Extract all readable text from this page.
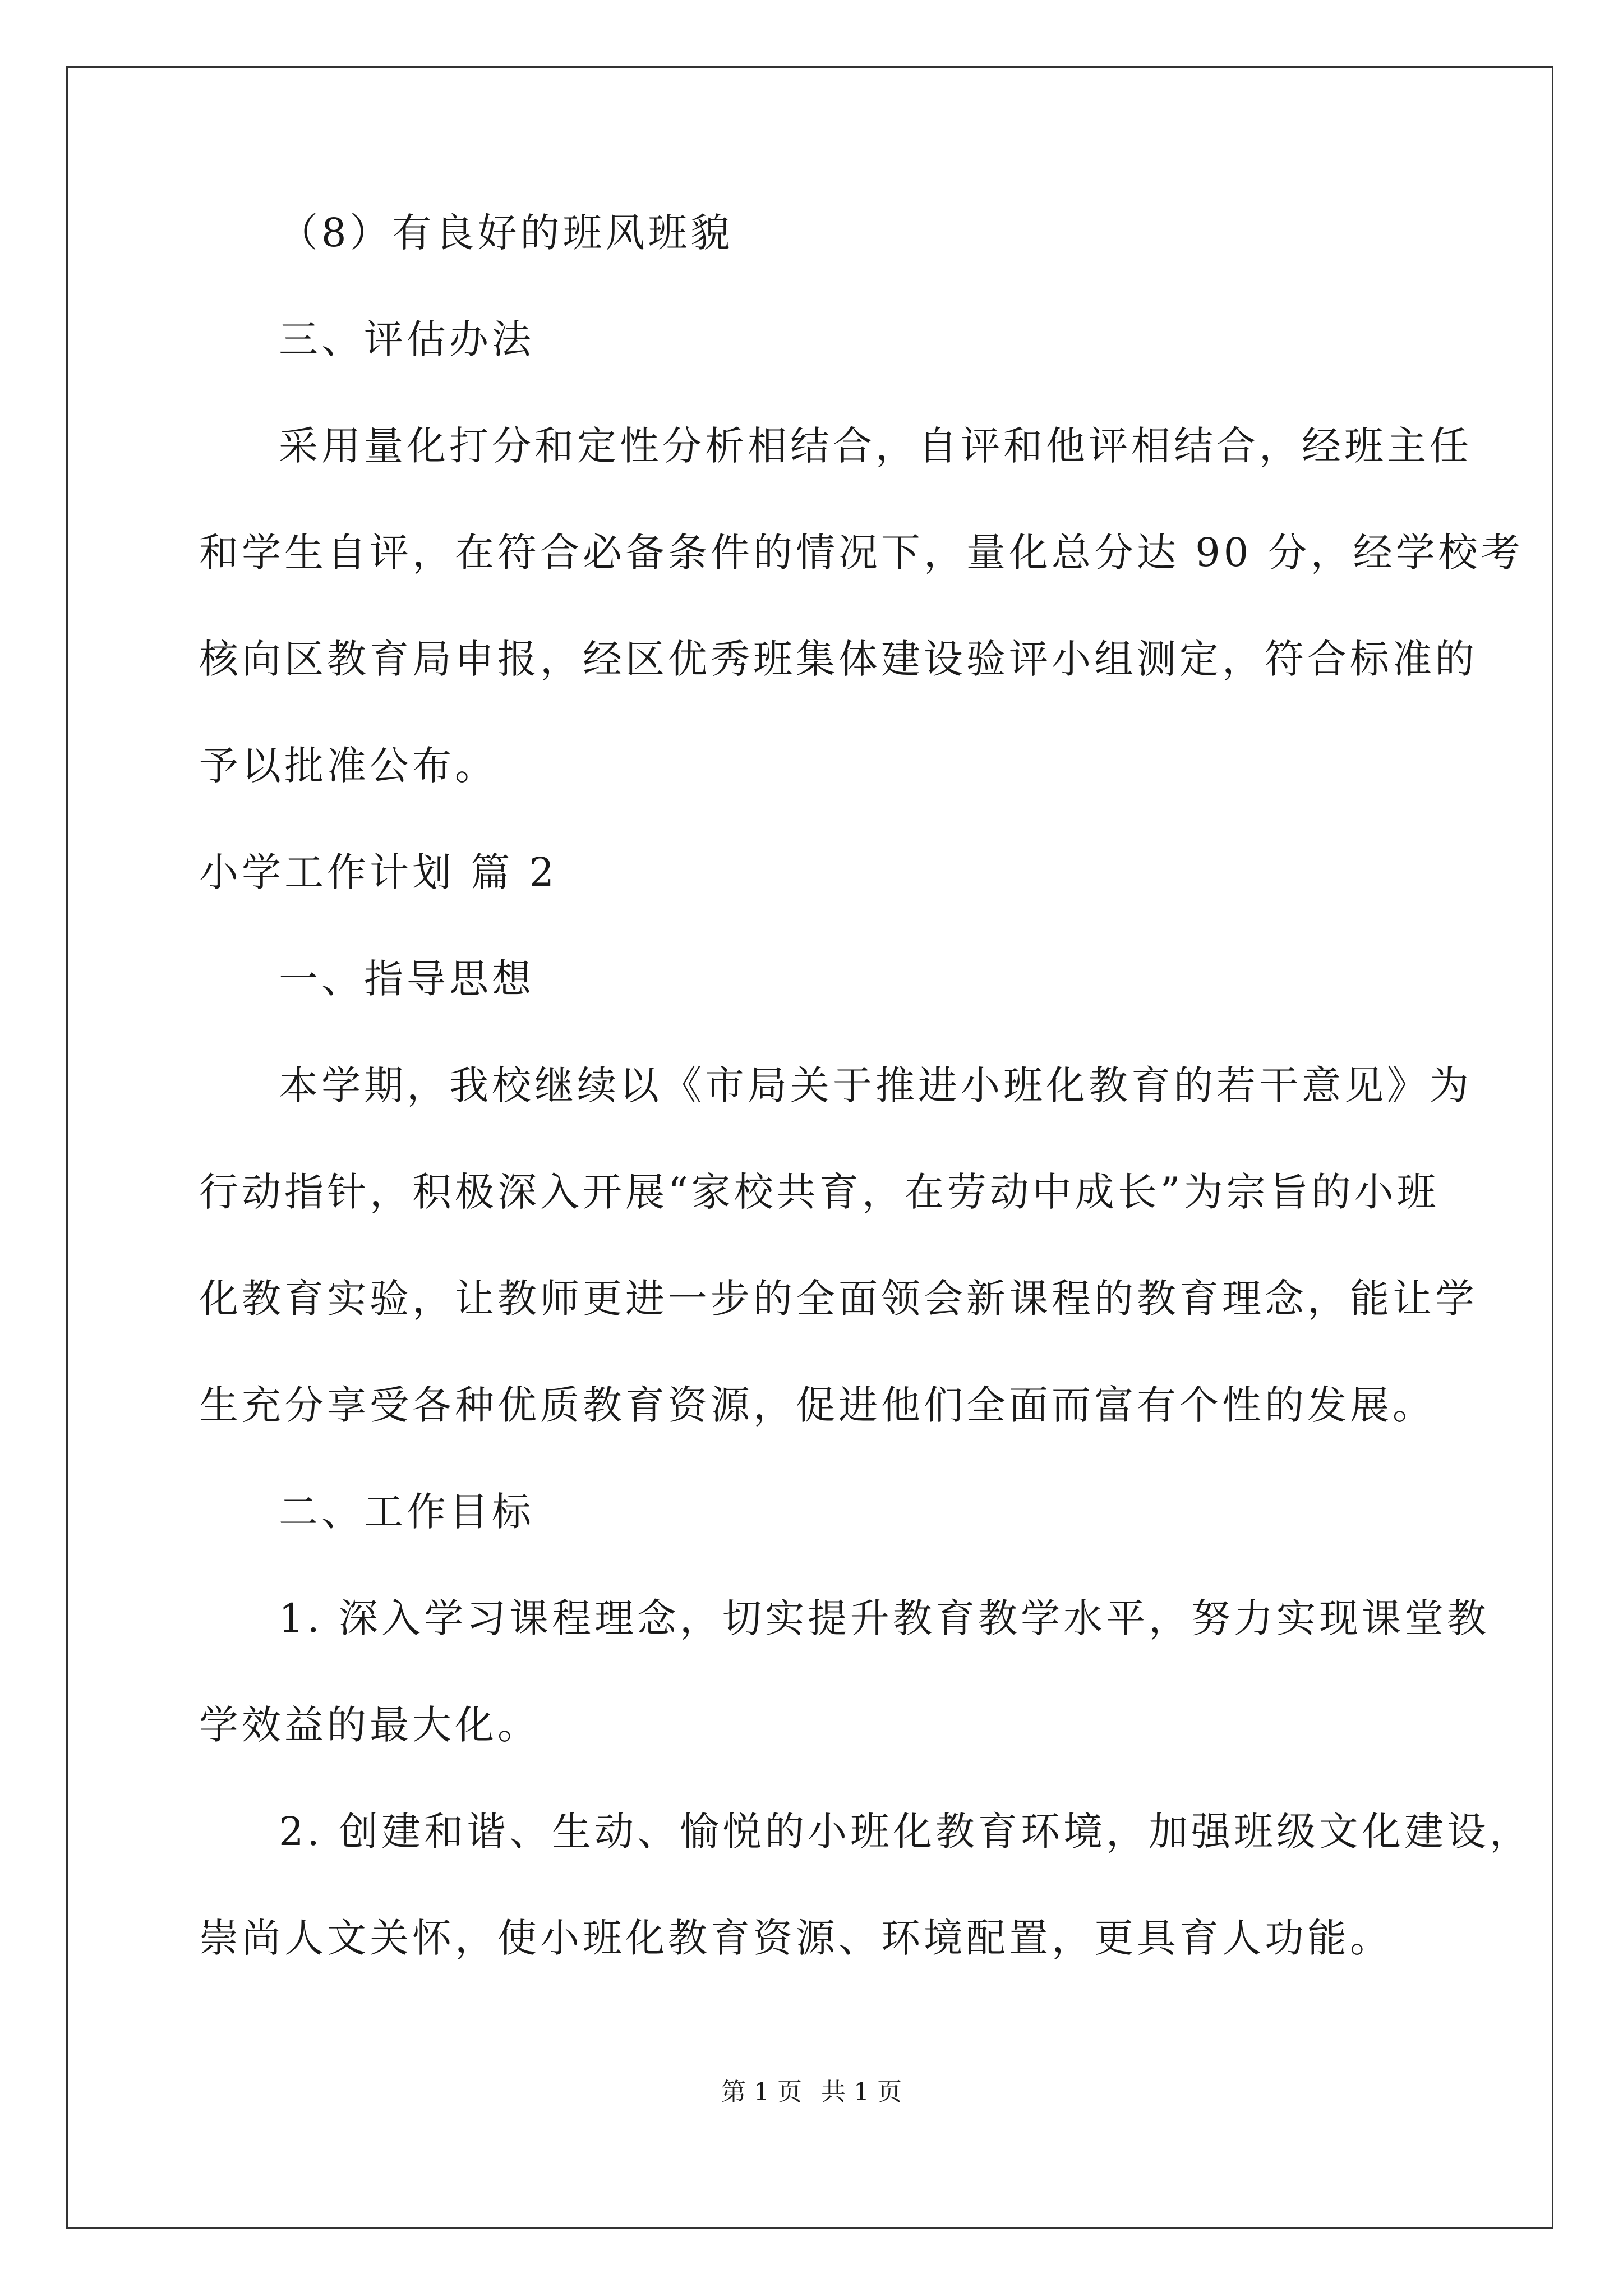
（8）有良好的班风班貌
三、评估办法
采用量化打分和定性分析相结合，自评和他评相结合，经班主任
和学生自评，在符合必备条件的情况下，量化总分达 90 分，经学校考
核向区教育局申报，经区优秀班集体建设验评小组测定，符合标准的
予以批准公布。
小学工作计划 篇 2
一、指导思想
本学期，我校继续以《市局关于推进小班化教育的若干意见》为
行动指针，积极深入开展“家校共育，在劳动中成长”为宗旨的小班
化教育实验，让教师更进一步的全面领会新课程的教育理念，能让学
生充分享受各种优质教育资源，促进他们全面而富有个性的发展。
二、工作目标
1. 深入学习课程理念，切实提升教育教学水平，努力实现课堂教
学效益的最大化。
2. 创建和谐、生动、愉悦的小班化教育环境，加强班级文化建设，
崇尚人文关怀，使小班化教育资源、环境配置，更具育人功能。
第 1 页 共 1 页
